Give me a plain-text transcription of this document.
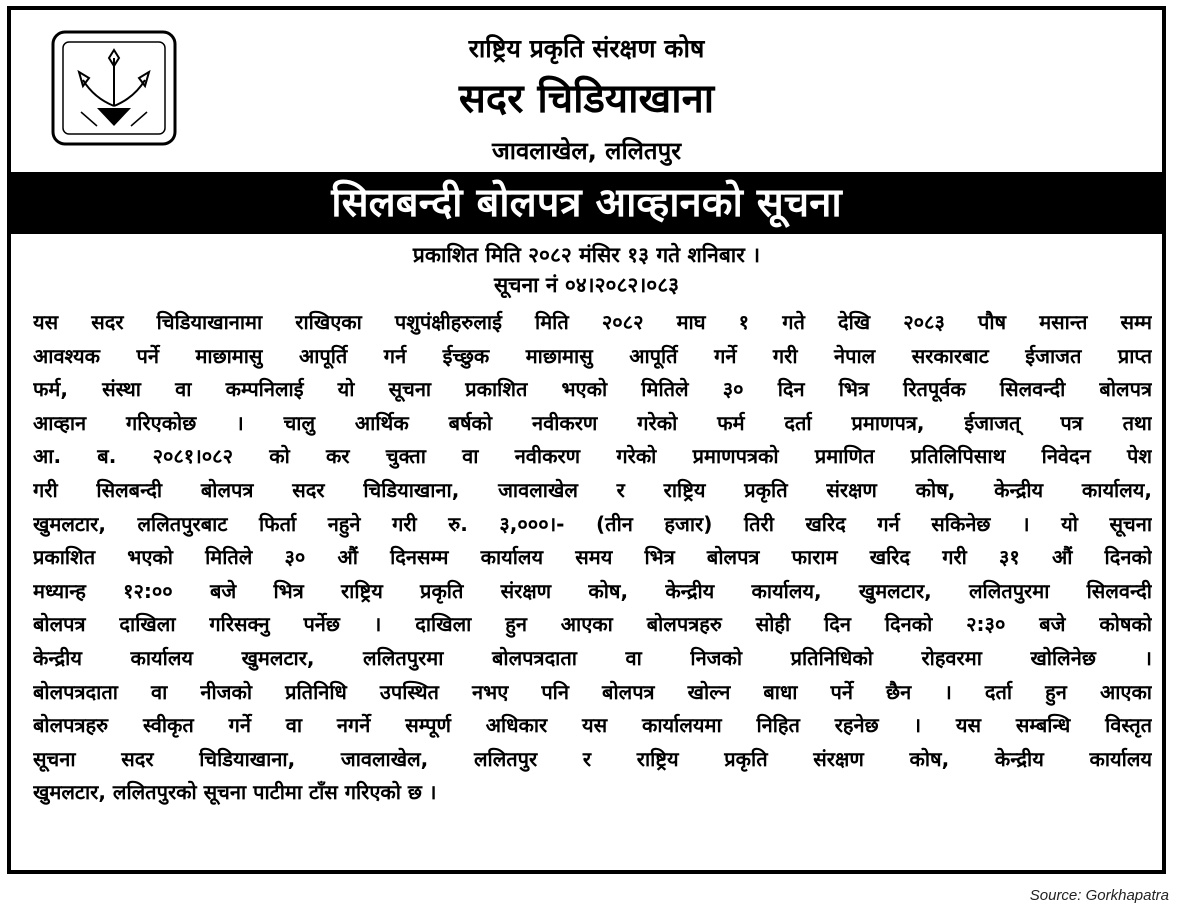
राष्ट्रिय प्रकृति संरक्षण कोष
सदर चिडियाखाना
जावलाखेल, ललितपुर
सिलबन्दी बोलपत्र आव्हानको सूचना
प्रकाशित मिति २०८२ मंसिर १३ गते शनिबार ।
सूचना नं ०४।२०८२।०८३
यस सदर चिडियाखानामा राखिएका पशुपंक्षीहरुलाई मिति २०८२ माघ १ गते देखि २०८३ पौष मसान्त सम्म
आवश्यक पर्ने माछामासु आपूर्ति गर्न ईच्छुक माछामासु आपूर्ति गर्ने गरी नेपाल सरकारबाट ईजाजत प्राप्त
फर्म, संस्था वा कम्पनिलाई यो सूचना प्रकाशित भएको मितिले ३० दिन भित्र रितपूर्वक सिलवन्दी बोलपत्र
आव्हान गरिएकोछ । चालु आर्थिक बर्षको नवीकरण गरेको फर्म दर्ता प्रमाणपत्र, ईजाजत् पत्र तथा
आ. ब. २०८१।०८२ को कर चुक्ता वा नवीकरण गरेको प्रमाणपत्रको प्रमाणित प्रतिलिपिसाथ निवेदन पेश
गरी सिलबन्दी बोलपत्र सदर चिडियाखाना, जावलाखेल र राष्ट्रिय प्रकृति संरक्षण कोष, केन्द्रीय कार्यालय,
खुमलटार, ललितपुरबाट फिर्ता नहुने गरी रु. ३,०००।- (तीन हजार) तिरी खरिद गर्न सकिनेछ । यो सूचना
प्रकाशित भएको मितिले ३० औं दिनसम्म कार्यालय समय भित्र बोलपत्र फाराम खरिद गरी ३१ औं दिनको
मध्यान्ह १२:०० बजे भित्र राष्ट्रिय प्रकृति संरक्षण कोष, केन्द्रीय कार्यालय, खुमलटार, ललितपुरमा सिलवन्दी
बोलपत्र दाखिला गरिसक्नु पर्नेछ । दाखिला हुन आएका बोलपत्रहरु सोही दिन दिनको २:३० बजे कोषको
केन्द्रीय कार्यालय खुमलटार, ललितपुरमा बोलपत्रदाता वा निजको प्रतिनिधिको रोहवरमा खोलिनेछ ।
बोलपत्रदाता वा नीजको प्रतिनिधि उपस्थित नभए पनि बोलपत्र खोल्न बाधा पर्ने छैन । दर्ता हुन आएका
बोलपत्रहरु स्वीकृत गर्ने वा नगर्ने सम्पूर्ण अधिकार यस कार्यालयमा निहित रहनेछ । यस सम्बन्धि विस्तृत
सूचना सदर चिडियाखाना, जावलाखेल, ललितपुर र राष्ट्रिय प्रकृति संरक्षण कोष, केन्द्रीय कार्यालय
खुमलटार, ललितपुरको सूचना पाटीमा टाँस गरिएको छ ।
Source: Gorkhapatra
